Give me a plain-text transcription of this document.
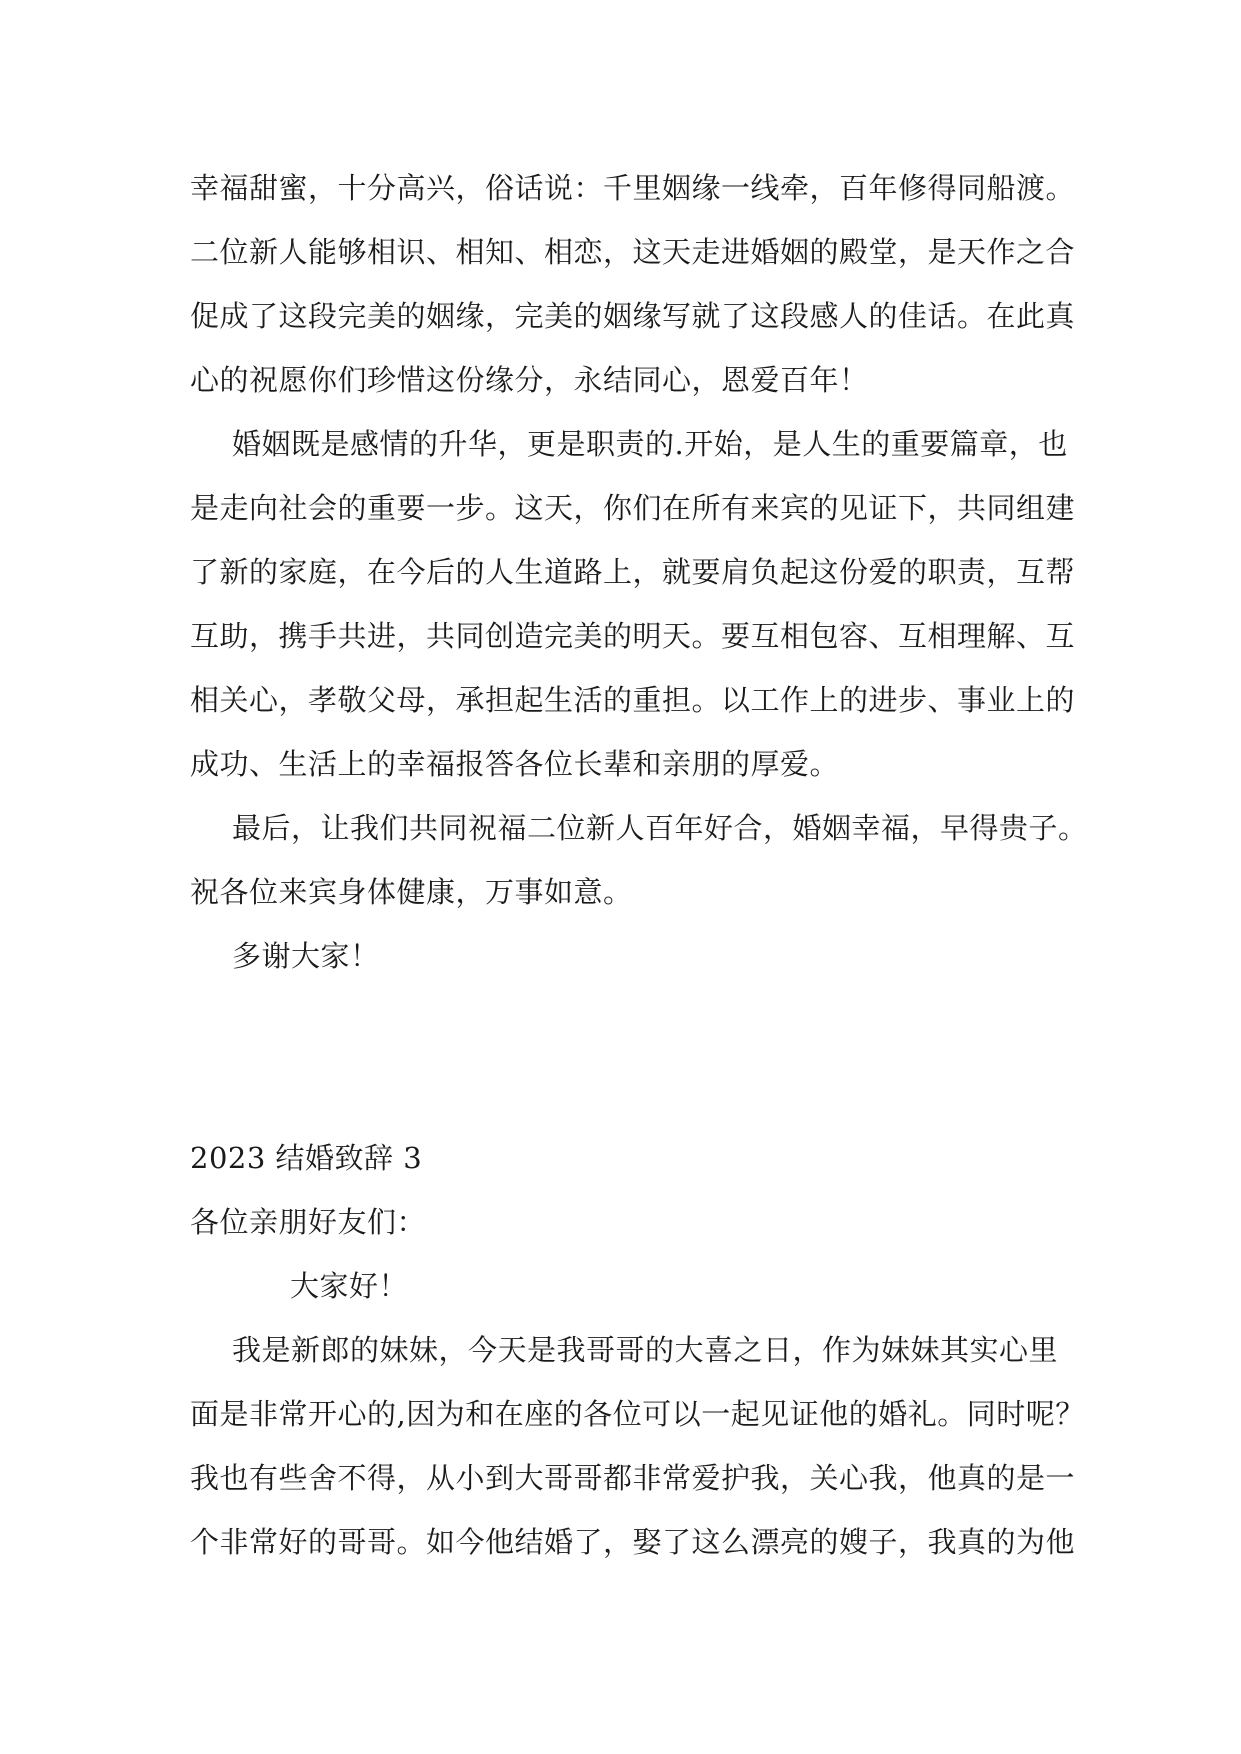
幸福甜蜜，十分高兴，俗话说：千里姻缘一线牵，百年修得同船渡。
二位新人能够相识、相知、相恋，这天走进婚姻的殿堂，是天作之合
促成了这段完美的姻缘，完美的姻缘写就了这段感人的佳话。在此真
心的祝愿你们珍惜这份缘分，永结同心，恩爱百年！
婚姻既是感情的升华，更是职责的.开始，是人生的重要篇章，也
是走向社会的重要一步。这天，你们在所有来宾的见证下，共同组建
了新的家庭，在今后的人生道路上，就要肩负起这份爱的职责，互帮
互助，携手共进，共同创造完美的明天。要互相包容、互相理解、互
相关心，孝敬父母，承担起生活的重担。以工作上的进步、事业上的
成功、生活上的幸福报答各位长辈和亲朋的厚爱。
最后，让我们共同祝福二位新人百年好合，婚姻幸福，早得贵子。
祝各位来宾身体健康，万事如意。
多谢大家！
2023 结婚致辞 3
各位亲朋好友们：
大家好！
我是新郎的妹妹，今天是我哥哥的大喜之日，作为妹妹其实心里
面是非常开心的,因为和在座的各位可以一起见证他的婚礼。同时呢？
我也有些舍不得，从小到大哥哥都非常爱护我，关心我，他真的是一
个非常好的哥哥。如今他结婚了，娶了这么漂亮的嫂子，我真的为他
